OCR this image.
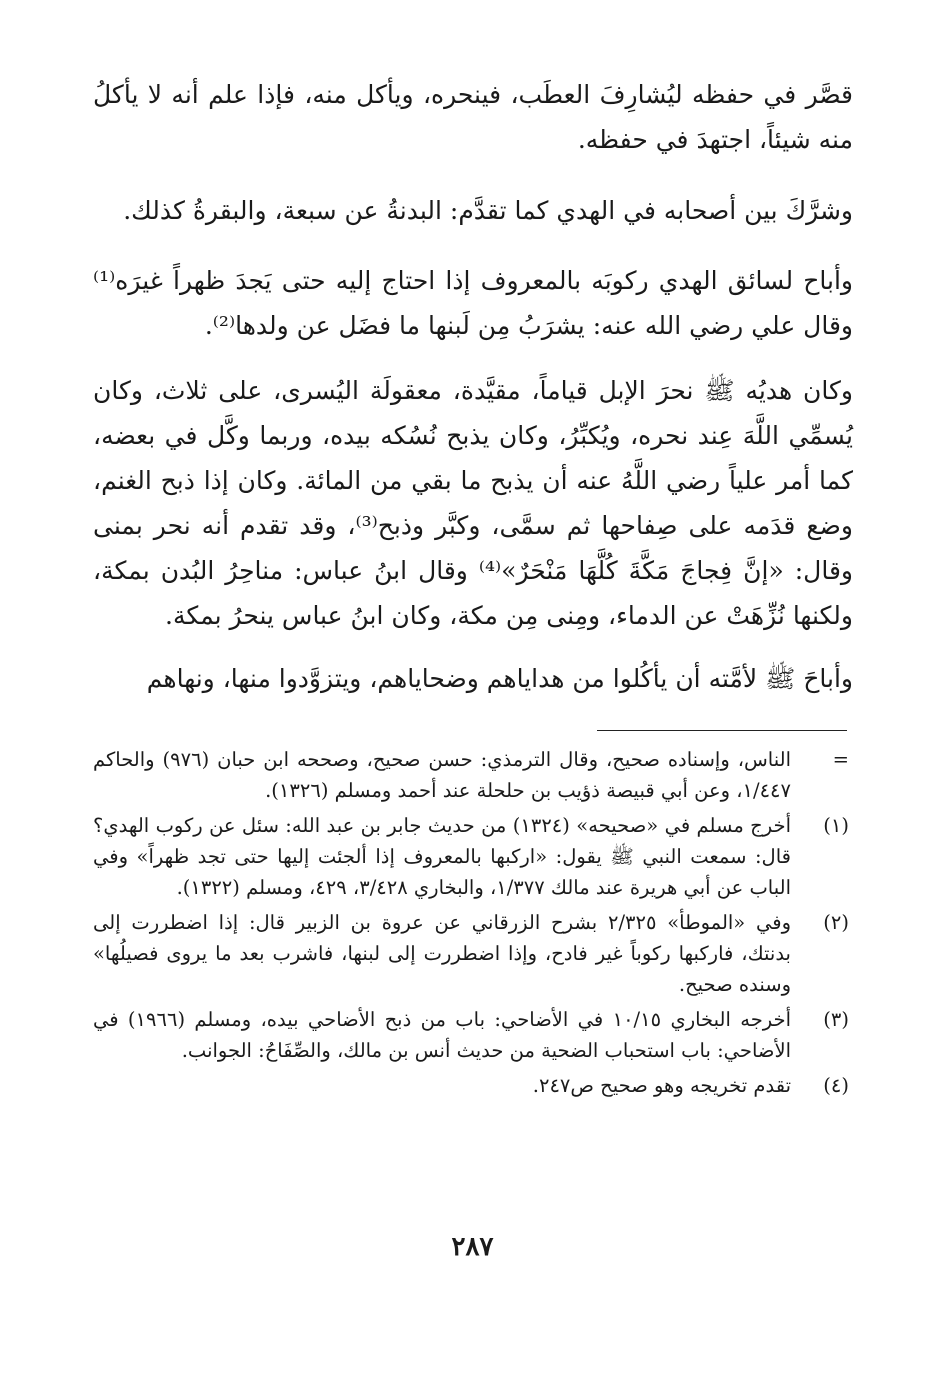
قصَّر في حفظه ليُشارِفَ العطَب، فينحره، ويأكل منه، فإذا علم أنه لا يأكلُ منه شيئاً، اجتهدَ في حفظه.

وشرَّكَ بين أصحابه في الهدي كما تقدَّم: البدنةُ عن سبعة، والبقرةُ كذلك.

وأباح لسائق الهدي ركوبَه بالمعروف إذا احتاج إليه حتى يَجدَ ظهراً غيرَه⁽¹⁾ وقال علي رضي الله عنه: يشرَبُ مِن لَبنها ما فضَل عن ولدها⁽²⁾.

وكان هديُه ﷺ نحرَ الإبل قياماً، مقيَّدة، معقولَة اليُسرى، على ثلاث، وكان يُسمِّي اللَّهَ عِند نحره، ويُكبِّرُ، وكان يذبح نُسُكه بيده، وربما وكَّل في بعضه، كما أمر علياً رضي اللَّهُ عنه أن يذبح ما بقي من المائة. وكان إذا ذبح الغنم، وضع قدَمه على صِفاحها ثم سمَّى، وكبَّر وذبح⁽³⁾، وقد تقدم أنه نحر بمنى وقال: «إنَّ فِجاجَ مَكَّةَ كُلَّهَا مَنْحَرٌ»⁽⁴⁾ وقال ابنُ عباس: مناحِرُ البُدن بمكة، ولكنها نُزِّهَتْ عن الدماء، ومِنى مِن مكة، وكان ابنُ عباس ينحرُ بمكة.

وأباحَ ﷺ لأمَّته أن يأكُلوا من هداياهم وضحاياهم، ويتزوَّدوا منها، ونهاهم

=
الناس، وإسناده صحيح، وقال الترمذي: حسن صحيح، وصححه ابن حبان (٩٧٦) والحاكم ١/٤٤٧، وعن أبي قبيصة ذؤيب بن حلحلة عند أحمد ومسلم (١٣٢٦).
(١)
أخرج مسلم في «صحيحه» (١٣٢٤) من حديث جابر بن عبد الله: سئل عن ركوب الهدي؟ قال: سمعت النبي ﷺ يقول: «اركبها بالمعروف إذا ألجئت إليها حتى تجد ظهراً» وفي الباب عن أبي هريرة عند مالك ١/٣٧٧، والبخاري ٣/٤٢٨، ٤٢٩، ومسلم (١٣٢٢).
(٢)
وفي «الموطأ» ٢/٣٢٥ بشرح الزرقاني عن عروة بن الزبير قال: إذا اضطررت إلى بدنتك، فاركبها ركوباً غير فادح، وإذا اضطررت إلى لبنها، فاشرب بعد ما يروى فصيلُها» وسنده صحيح.
(٣)
أخرجه البخاري ١٠/١٥ في الأضاحي: باب من ذبح الأضاحي بيده، ومسلم (١٩٦٦) في الأضاحي: باب استحباب الضحية من حديث أنس بن مالك، والصِّفَاحُ: الجوانب.
(٤)
تقدم تخريجه وهو صحيح ص٢٤٧.
٢٨٧
